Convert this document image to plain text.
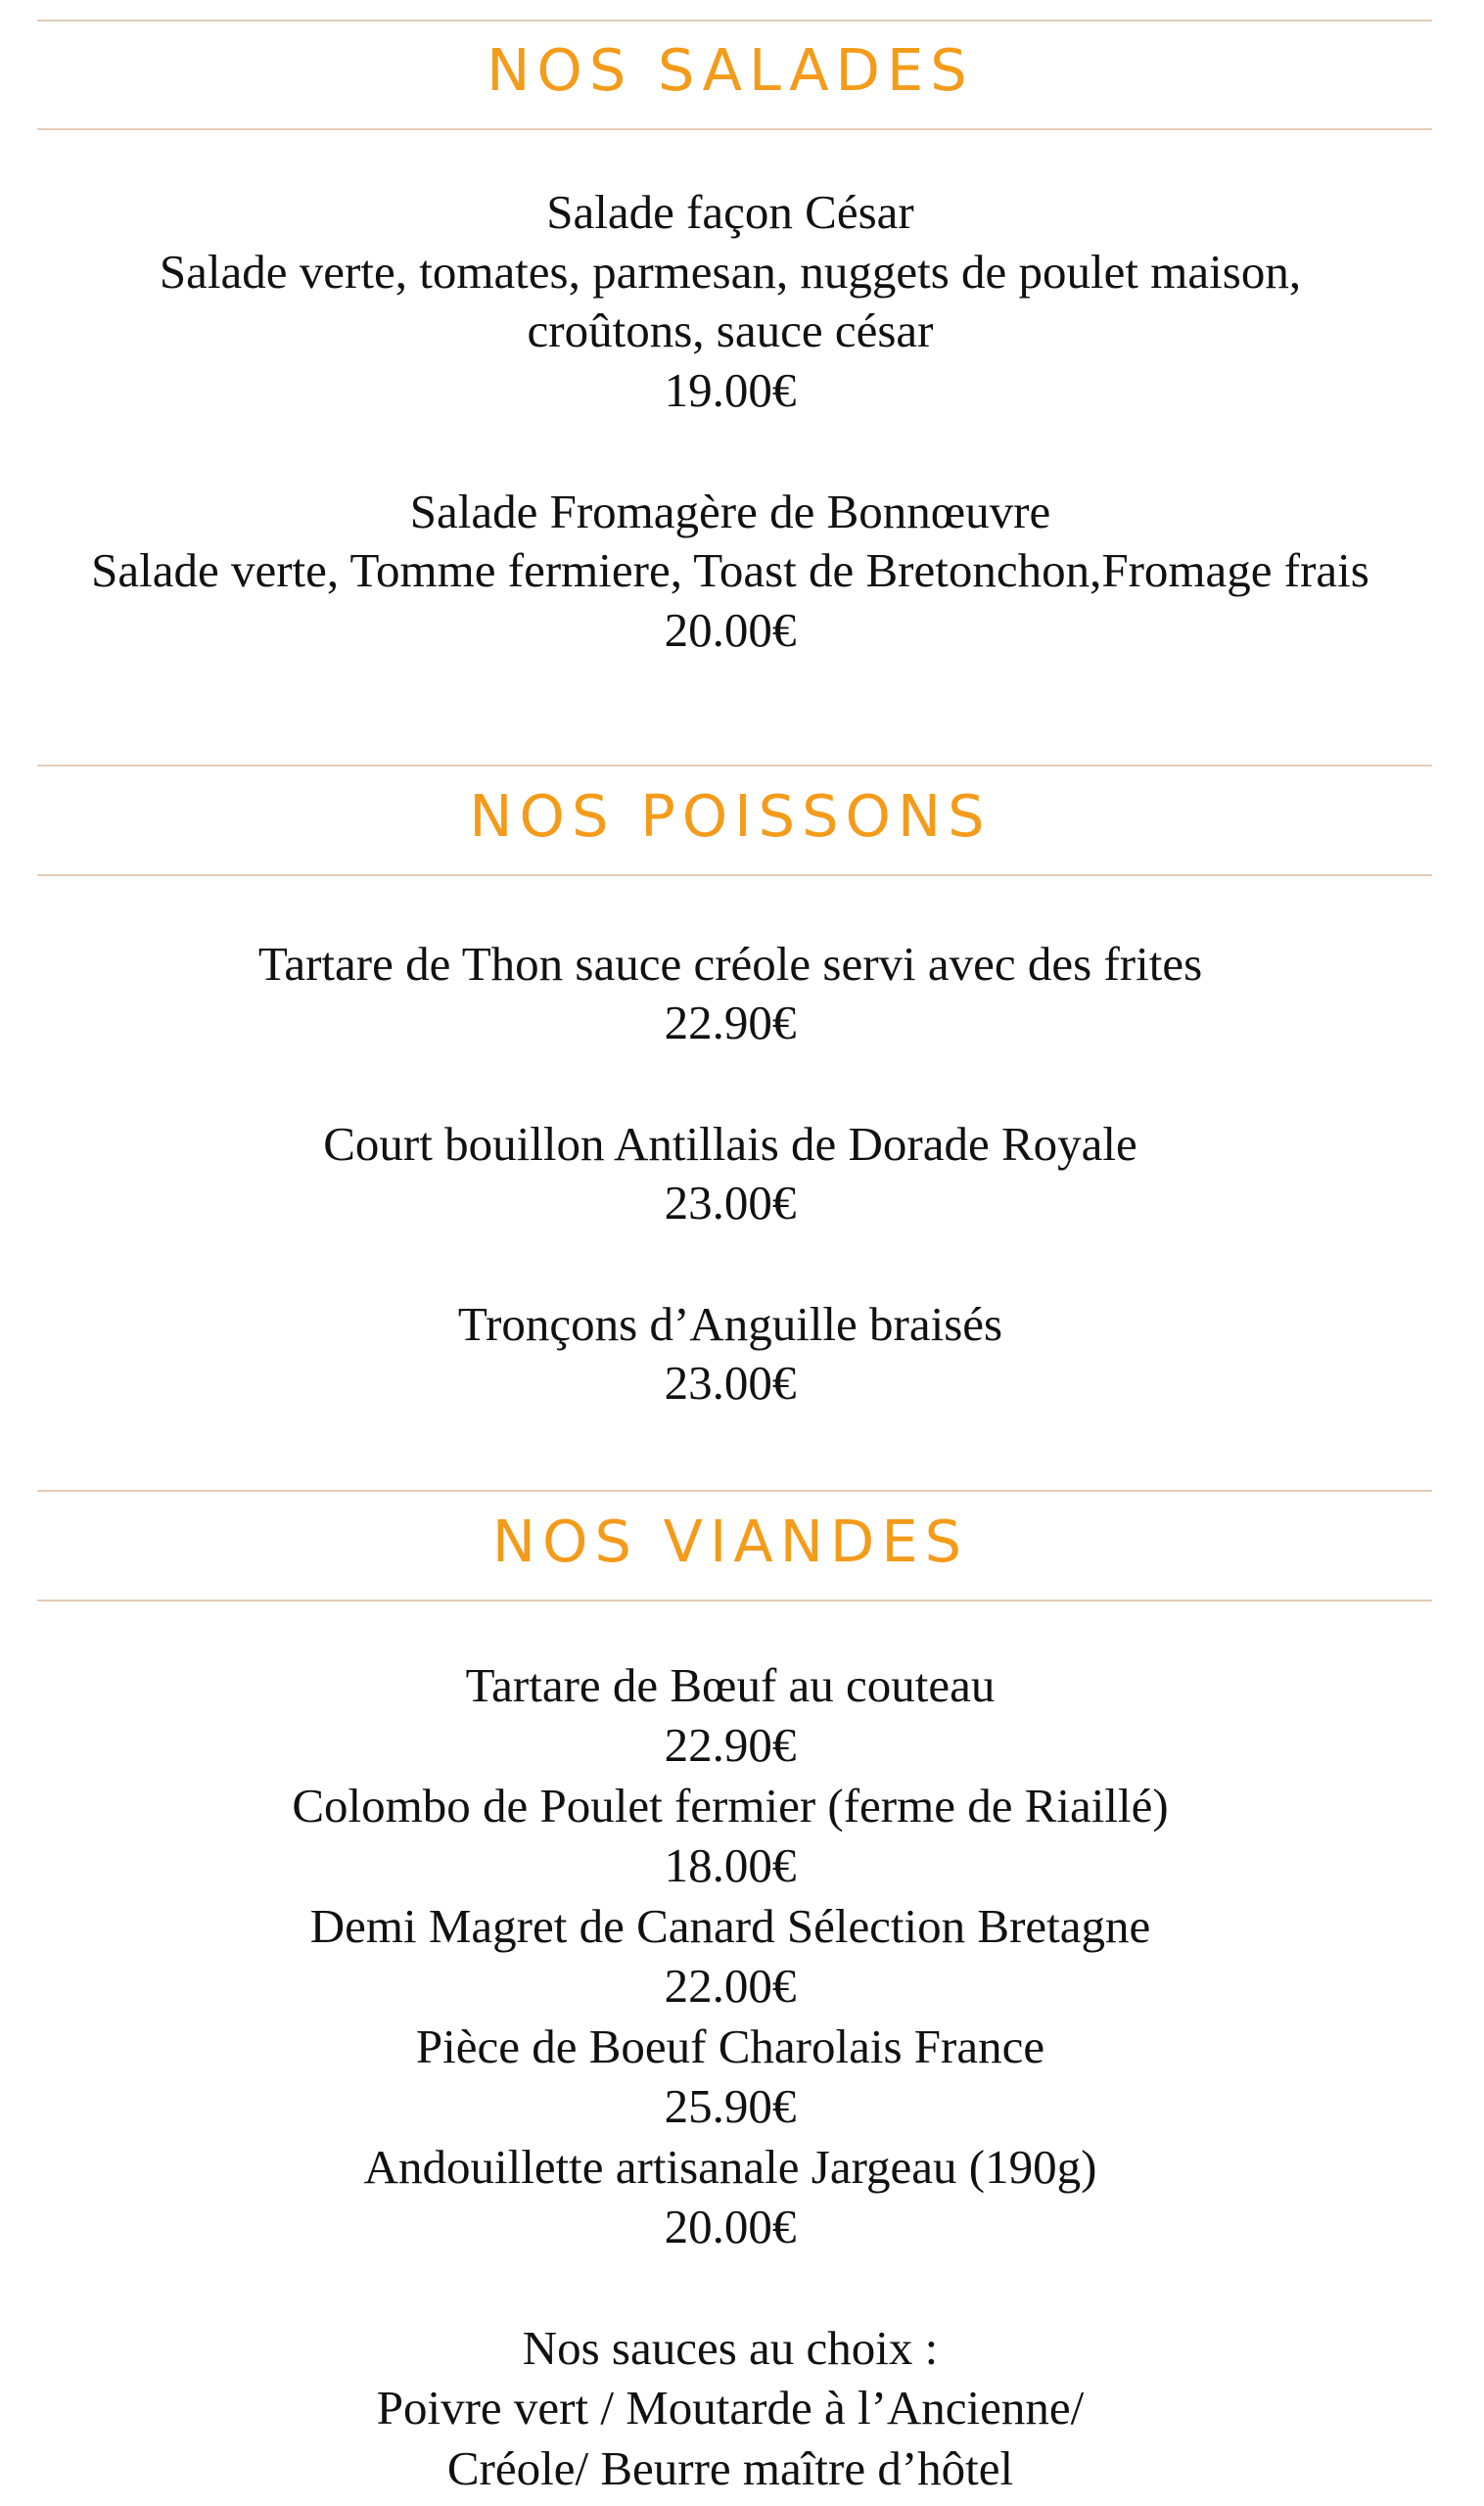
NOS SALADES
Salade façon César
Salade verte, tomates, parmesan, nuggets de poulet maison,
croûtons, sauce césar
19.00€
Salade Fromagère de Bonnœuvre
Salade verte, Tomme fermiere, Toast de Bretonchon,Fromage frais
20.00€
NOS POISSONS
Tartare de Thon sauce créole servi avec des frites
22.90€
Court bouillon Antillais de Dorade Royale
23.00€
Tronçons d’Anguille braisés
23.00€
NOS VIANDES
Tartare de Bœuf au couteau
22.90€
Colombo de Poulet fermier (ferme de Riaillé)
18.00€
Demi Magret de Canard Sélection Bretagne
22.00€
Pièce de Boeuf Charolais France
25.90€
Andouillette artisanale Jargeau (190g)
20.00€
Nos sauces au choix :
Poivre vert / Moutarde à l’Ancienne/
Créole/ Beurre maître d’hôtel
